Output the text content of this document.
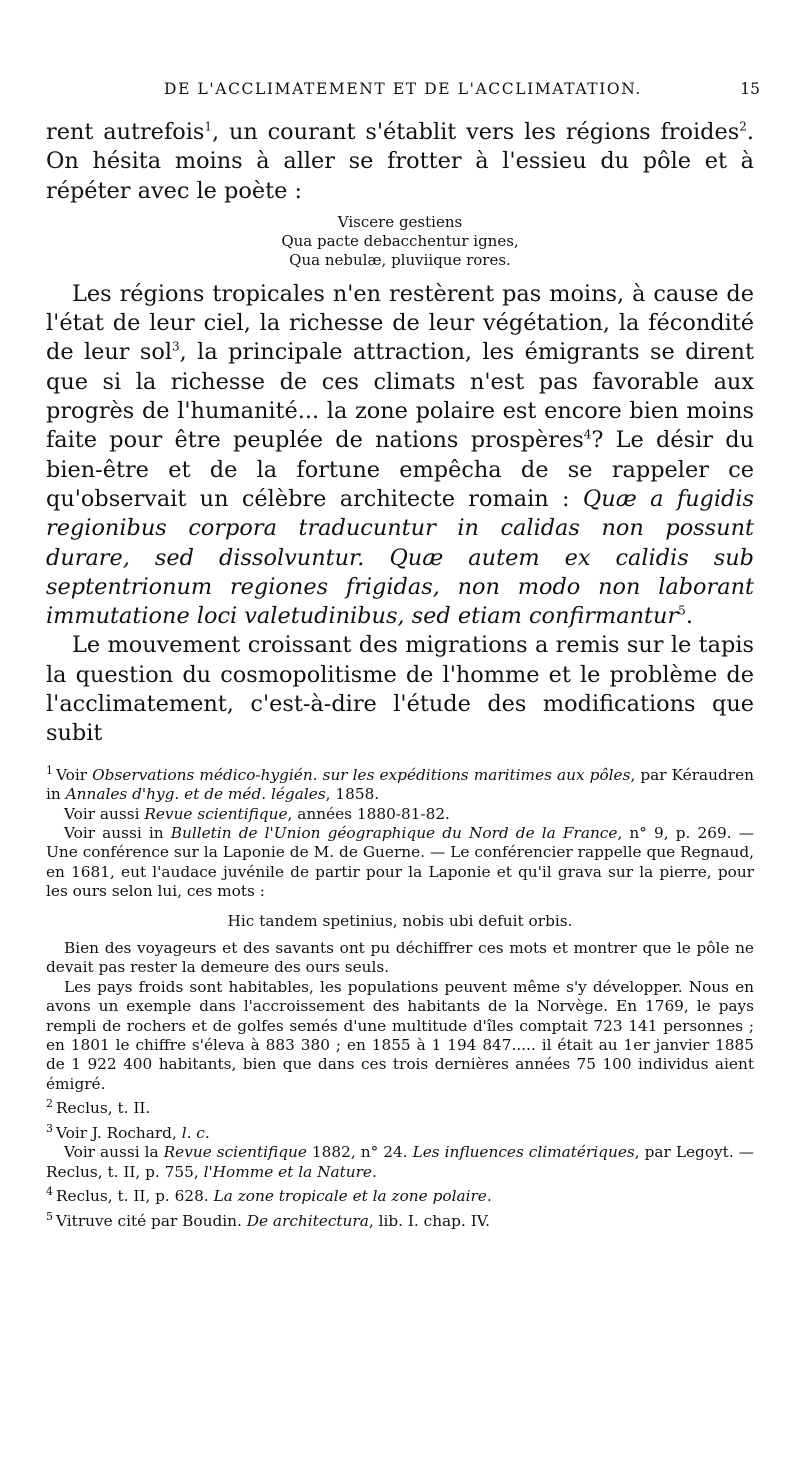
DE L'ACCLIMATEMENT ET DE L'ACCLIMATATION.	15

rent autrefois$^1$, un courant s'établit vers les régions froides$^2$. On hésita moins à aller se frotter à l'essieu du pôle et à répéter avec le poète :

Viscere gestiens
Qua pacte debacchentur ignes,
Qua nebulæ, pluviique rores.

Les régions tropicales n'en restèrent pas moins, à cause de l'état de leur ciel, la richesse de leur végétation, la fécondité de leur sol$^3$, la principale attraction, les émigrants se dirent que si la richesse de ces climats n'est pas favorable aux progrès de l'humanité... la zone polaire est encore bien moins faite pour être peuplée de nations prospères$^4$? Le désir du bien-être et de la fortune empêcha de se rappeler ce qu'observait un célèbre architecte romain : Quæ a fugidis regionibus corpora traducuntur in calidas non possunt durare, sed dissolvuntur. Quæ autem ex calidis sub septentrionum regiones frigidas, non modo non laborant immutatione loci valetudinibus, sed etiam confirmantur$^5$.

Le mouvement croissant des migrations a remis sur le tapis la question du cosmopolitisme de l'homme et le problème de l'acclimatement, c'est-à-dire l'étude des modifications que subit

$^1$ Voir Observations médico-hygién. sur les expéditions maritimes aux pôles, par Kéraudren in Annales d'hyg. et de méd. légales, 1858.

Voir aussi Revue scientifique, années 1880-81-82.

Voir aussi in Bulletin de l'Union géographique du Nord de la France, n° 9, p. 269. — Une conférence sur la Laponie de M. de Guerne. — Le conférencier rappelle que Regnaud, en 1681, eut l'audace juvénile de partir pour la Laponie et qu'il grava sur la pierre, pour les ours selon lui, ces mots :

Hic tandem spetinius, nobis ubi defuit orbis.

Bien des voyageurs et des savants ont pu déchiffrer ces mots et montrer que le pôle ne devait pas rester la demeure des ours seuls.

Les pays froids sont habitables, les populations peuvent même s'y développer. Nous en avons un exemple dans l'accroissement des habitants de la Norvège. En 1769, le pays rempli de rochers et de golfes semés d'une multitude d'îles comptait 723 141 personnes ; en 1801 le chiffre s'éleva à 883 380 ; en 1855 à 1 194 847..... il était au 1er janvier 1885 de 1 922 400 habitants, bien que dans ces trois dernières années 75 100 individus aient émigré.

$^2$ Reclus, t. II.

$^3$ Voir J. Rochard, l. c.

Voir aussi la Revue scientifique 1882, n° 24. Les influences climatériques, par Legoyt. — Reclus, t. II, p. 755, l'Homme et la Nature.

$^4$ Reclus, t. II, p. 628. La zone tropicale et la zone polaire.

$^5$ Vitruve cité par Boudin. De architectura, lib. I. chap. IV.
